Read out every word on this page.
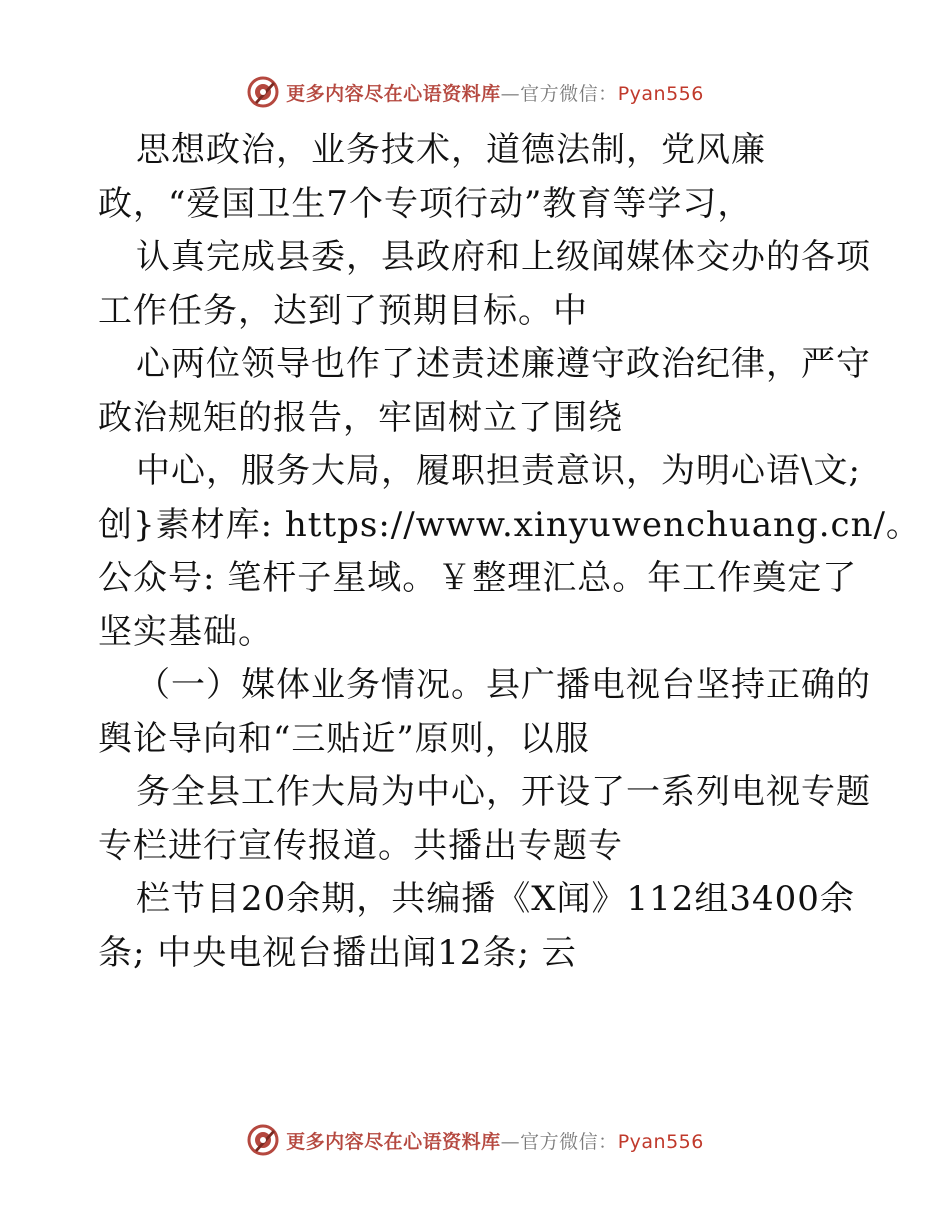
更多内容尽在心语资料库—官方微信：Pyan556
思想政治，业务技术，道德法制，党风廉
政，“爱国卫生7个专项行动”教育等学习，
认真完成县委，县政府和上级闻媒体交办的各项
工作任务，达到了预期目标。中
心两位领导也作了述责述廉遵守政治纪律，严守
政治规矩的报告，牢固树立了围绕
中心，服务大局，履职担责意识，为明心语\文;
创}素材库: https://www.xinyuwenchuang.cn/。
公众号: 笔杆子星域。￥整理汇总。年工作奠定了
坚实基础。
（一）媒体业务情况。县广播电视台坚持正确的
舆论导向和“三贴近”原则，以服
务全县工作大局为中心，开设了一系列电视专题
专栏进行宣传报道。共播出专题专
栏节目20余期，共编播《X闻》112组3400余
条; 中央电视台播出闻12条; 云
更多内容尽在心语资料库—官方微信：Pyan556
